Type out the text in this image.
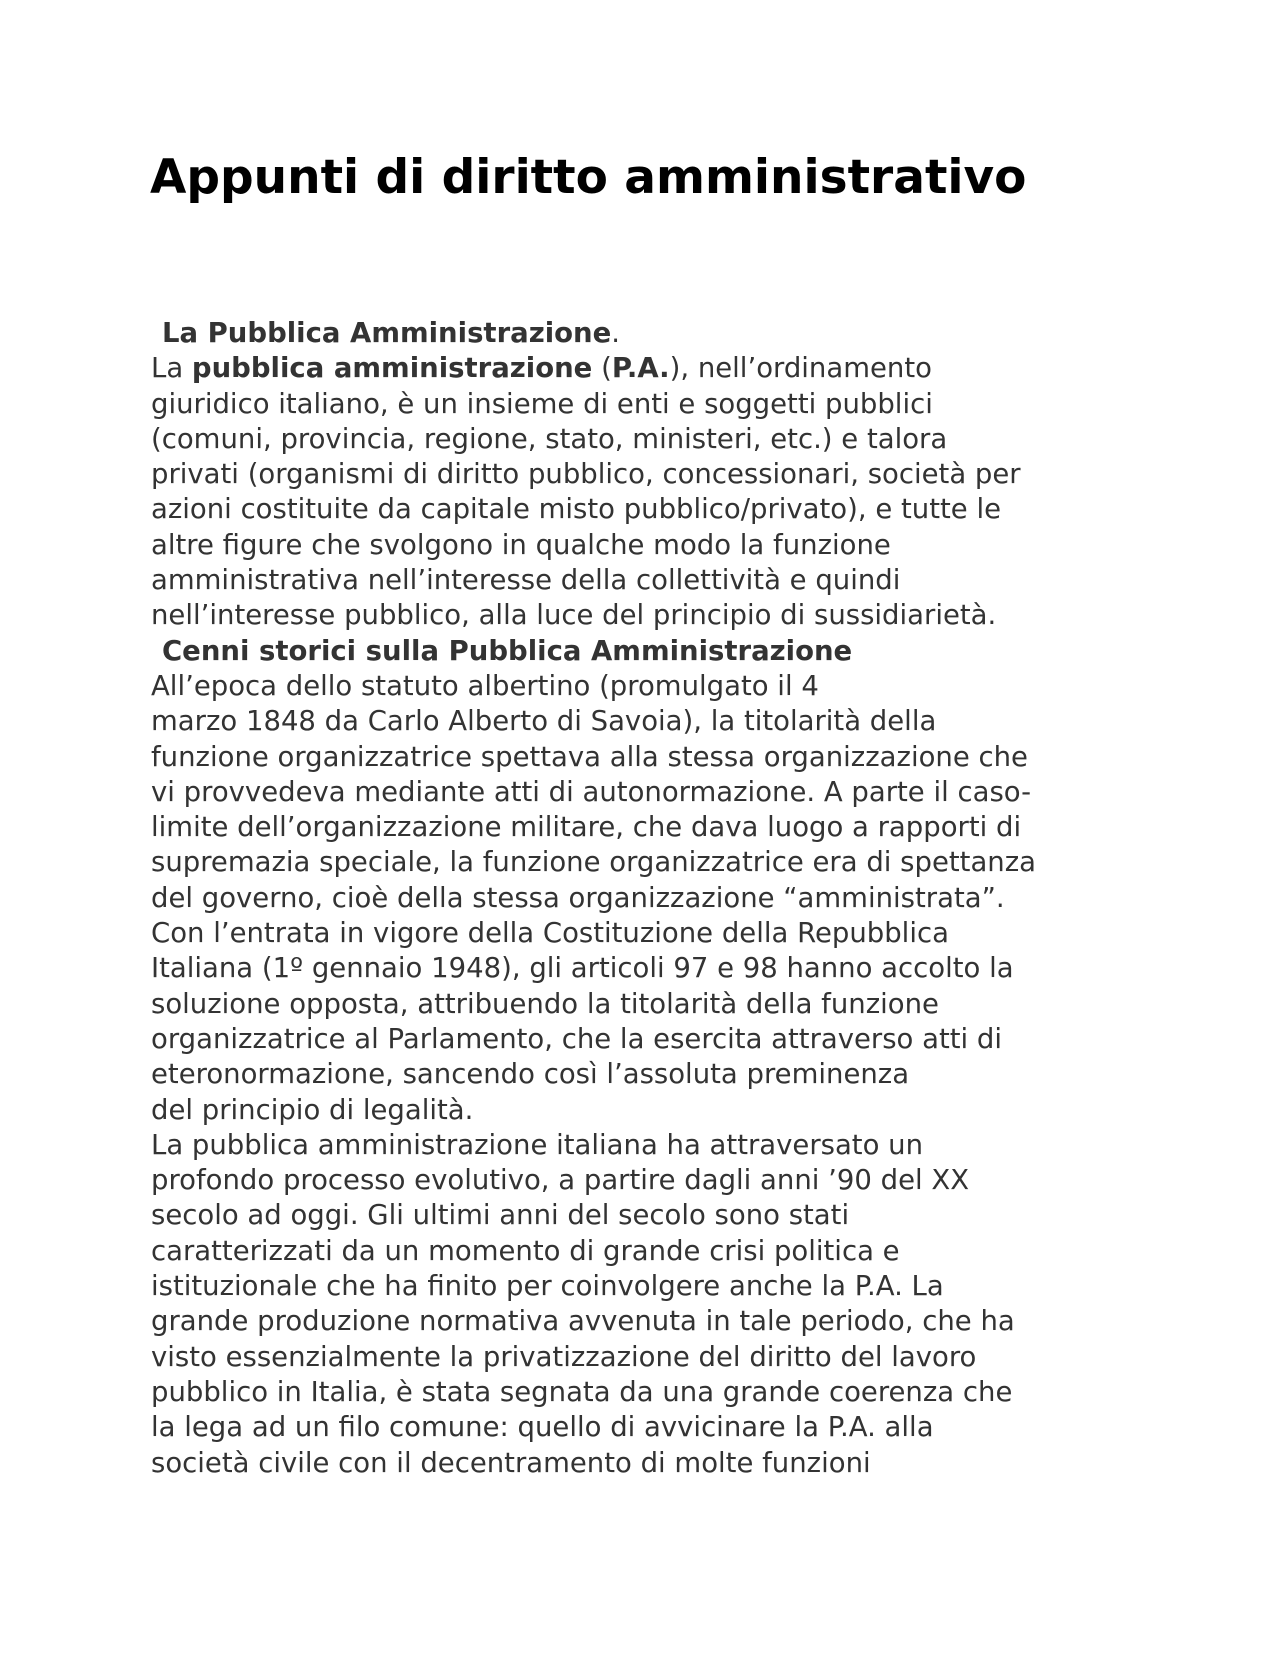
Appunti di diritto amministrativo
La Pubblica Amministrazione.
La pubblica amministrazione (P.A.), nell’ordinamento
giuridico italiano, è un insieme di enti e soggetti pubblici
(comuni, provincia, regione, stato, ministeri, etc.) e talora
privati (organismi di diritto pubblico, concessionari, società per
azioni costituite da capitale misto pubblico/privato), e tutte le
altre figure che svolgono in qualche modo la funzione
amministrativa nell’interesse della collettività e quindi
nell’interesse pubblico, alla luce del principio di sussidiarietà.
Cenni storici sulla Pubblica Amministrazione
All’epoca dello statuto albertino (promulgato il 4
marzo 1848 da Carlo Alberto di Savoia), la titolarità della
funzione organizzatrice spettava alla stessa organizzazione che
vi provvedeva mediante atti di autonormazione. A parte il caso-
limite dell’organizzazione militare, che dava luogo a rapporti di
supremazia speciale, la funzione organizzatrice era di spettanza
del governo, cioè della stessa organizzazione “amministrata”.
Con l’entrata in vigore della Costituzione della Repubblica
Italiana (1º gennaio 1948), gli articoli 97 e 98 hanno accolto la
soluzione opposta, attribuendo la titolarità della funzione
organizzatrice al Parlamento, che la esercita attraverso atti di
eteronormazione, sancendo così l’assoluta preminenza
del principio di legalità.
La pubblica amministrazione italiana ha attraversato un
profondo processo evolutivo, a partire dagli anni ’90 del XX
secolo ad oggi. Gli ultimi anni del secolo sono stati
caratterizzati da un momento di grande crisi politica e
istituzionale che ha finito per coinvolgere anche la P.A. La
grande produzione normativa avvenuta in tale periodo, che ha
visto essenzialmente la privatizzazione del diritto del lavoro
pubblico in Italia, è stata segnata da una grande coerenza che
la lega ad un filo comune: quello di avvicinare la P.A. alla
società civile con il decentramento di molte funzioni
